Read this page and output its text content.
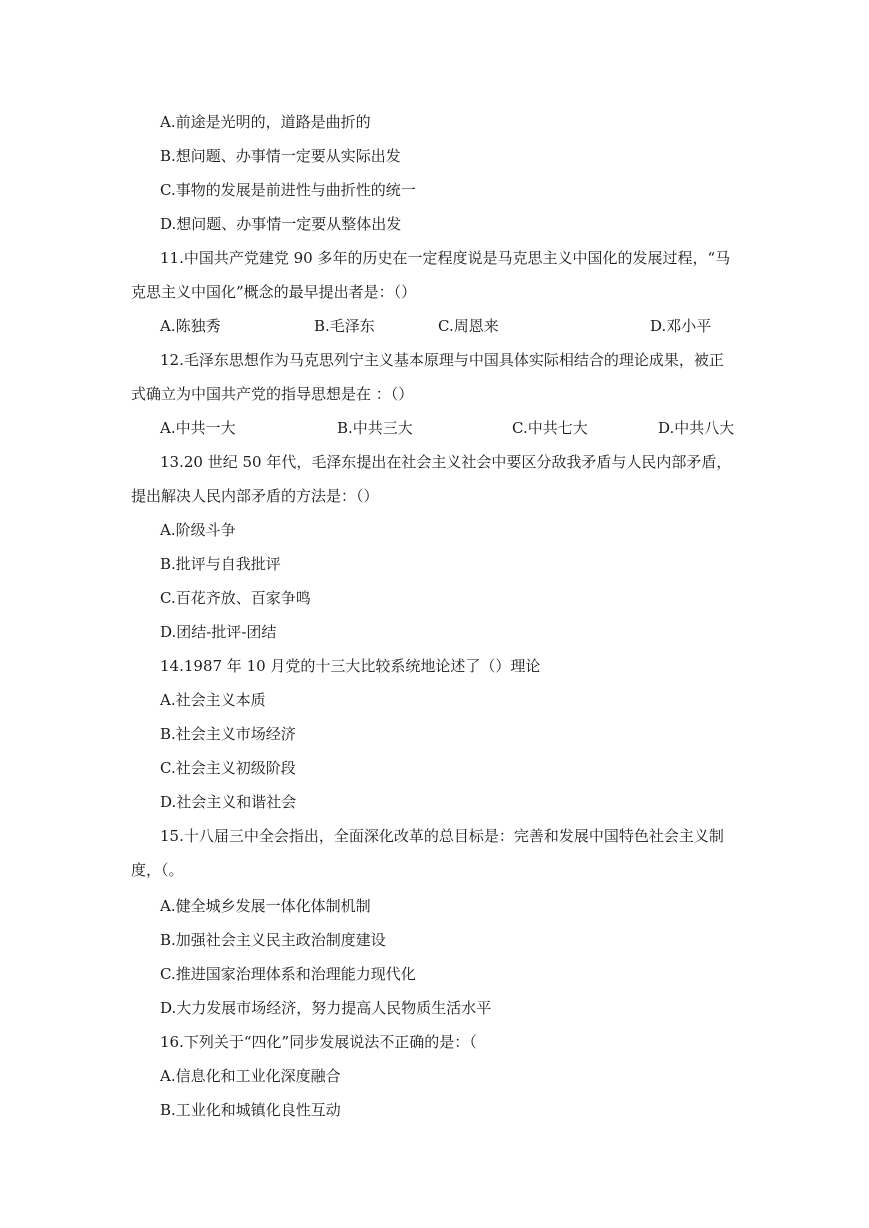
A.前途是光明的，道路是曲折的

B.想问题、办事情一定要从实际出发

C.事物的发展是前进性与曲折性的统一

D.想问题、办事情一定要从整体出发

11.中国共产党建党 90 多年的历史在一定程度说是马克思主义中国化的发展过程，“马

克思主义中国化”概念的最早提出者是：（）

A.陈独秀	B.毛泽东	C.周恩来	D.邓小平

12.毛泽东思想作为马克思列宁主义基本原理与中国具体实际相结合的理论成果，被正

式确立为中国共产党的指导思想是在 ：（）

A.中共一大	B.中共三大	C.中共七大	D.中共八大

13.20 世纪 50 年代，毛泽东提出在社会主义社会中要区分敌我矛盾与人民内部矛盾，

提出解决人民内部矛盾的方法是：（）

A.阶级斗争

B.批评与自我批评

C.百花齐放、百家争鸣

D.团结-批评-团结

14.1987 年 10 月党的十三大比较系统地论述了（）理论

A.社会主义本质

B.社会主义市场经济

C.社会主义初级阶段

D.社会主义和谐社会

15.十八届三中全会指出，全面深化改革的总目标是：完善和发展中国特色社会主义制

度，（。

A.健全城乡发展一体化体制机制

B.加强社会主义民主政治制度建设

C.推进国家治理体系和治理能力现代化

D.大力发展市场经济，努力提高人民物质生活水平

16.下列关于“四化”同步发展说法不正确的是：（

A.信息化和工业化深度融合

B.工业化和城镇化良性互动
